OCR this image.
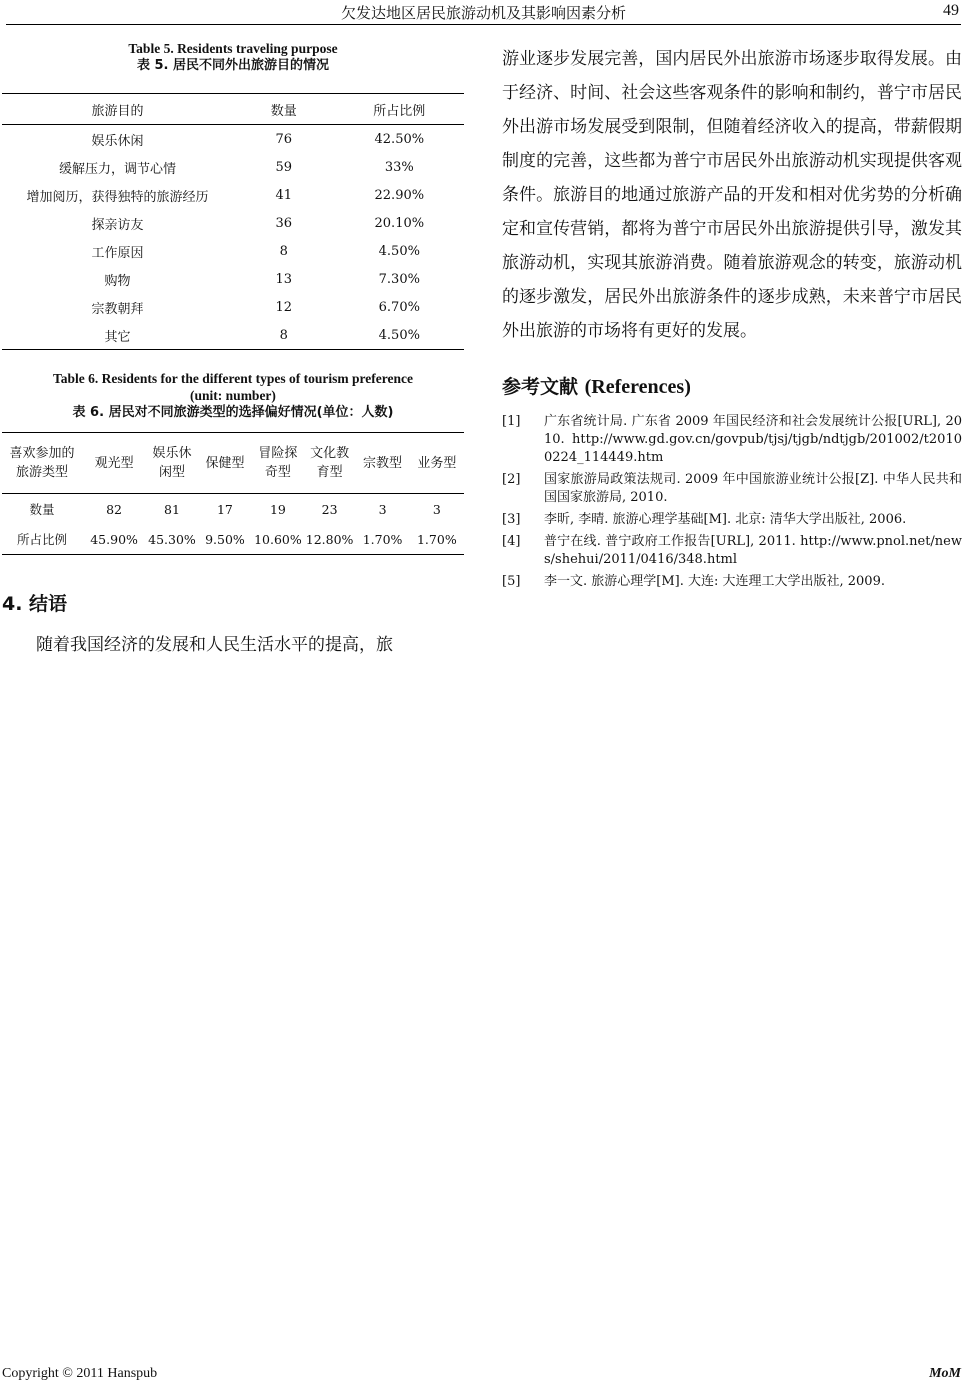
欠发达地区居民旅游动机及其影响因素分析	49
Table 5. Residents traveling purpose
表 5. 居民不同外出旅游目的情况
旅游目的	数量	所占比例
娱乐休闲	76	42.50%
缓解压力，调节心情	59	33%
增加阅历，获得独特的旅游经历	41	22.90%
探亲访友	36	20.10%
工作原因	8	4.50%
购物	13	7.30%
宗教朝拜	12	6.70%
其它	8	4.50%
Table 6. Residents for the different types of tourism preference
(unit: number)
表 6. 居民对不同旅游类型的选择偏好情况(单位：人数)
喜欢参加的旅游类型	观光型	娱乐休闲型	保健型	冒险探奇型	文化教育型	宗教型	业务型
数量	82	81	17	19	23	3	3
所占比例	45.90%	45.30%	9.50%	10.60%	12.80%	1.70%	1.70%
4. 结语
随着我国经济的发展和人民生活水平的提高，旅
游业逐步发展完善，国内居民外出旅游市场逐步取得发展。由于经济、时间、社会这些客观条件的影响和制约，普宁市居民外出游市场发展受到限制，但随着经济收入的提高，带薪假期制度的完善，这些都为普宁市居民外出旅游动机实现提供客观条件。旅游目的地通过旅游产品的开发和相对优劣势的分析确定和宣传营销，都将为普宁市居民外出旅游提供引导，激发其旅游动机，实现其旅游消费。随着旅游观念的转变，旅游动机的逐步激发，居民外出旅游条件的逐步成熟，未来普宁市居民外出旅游的市场将有更好的发展。
参考文献 (References)
[1]	广东省统计局. 广东省 2009 年国民经济和社会发展统计公报[URL], 2010. http://www.gd.gov.cn/govpub/tjsj/tjgb/ndtjgb/201002/t20100224_114449.htm
[2]	国家旅游局政策法规司. 2009 年中国旅游业统计公报[Z]. 中华人民共和国国家旅游局, 2010.
[3]	李昕, 李晴. 旅游心理学基础[M]. 北京: 清华大学出版社, 2006.
[4]	普宁在线. 普宁政府工作报告[URL], 2011. http://www.pnol.net/news/shehui/2011/0416/348.html
[5]	李一文. 旅游心理学[M]. 大连: 大连理工大学出版社, 2009.
Copyright © 2011 Hanspub	MoM
